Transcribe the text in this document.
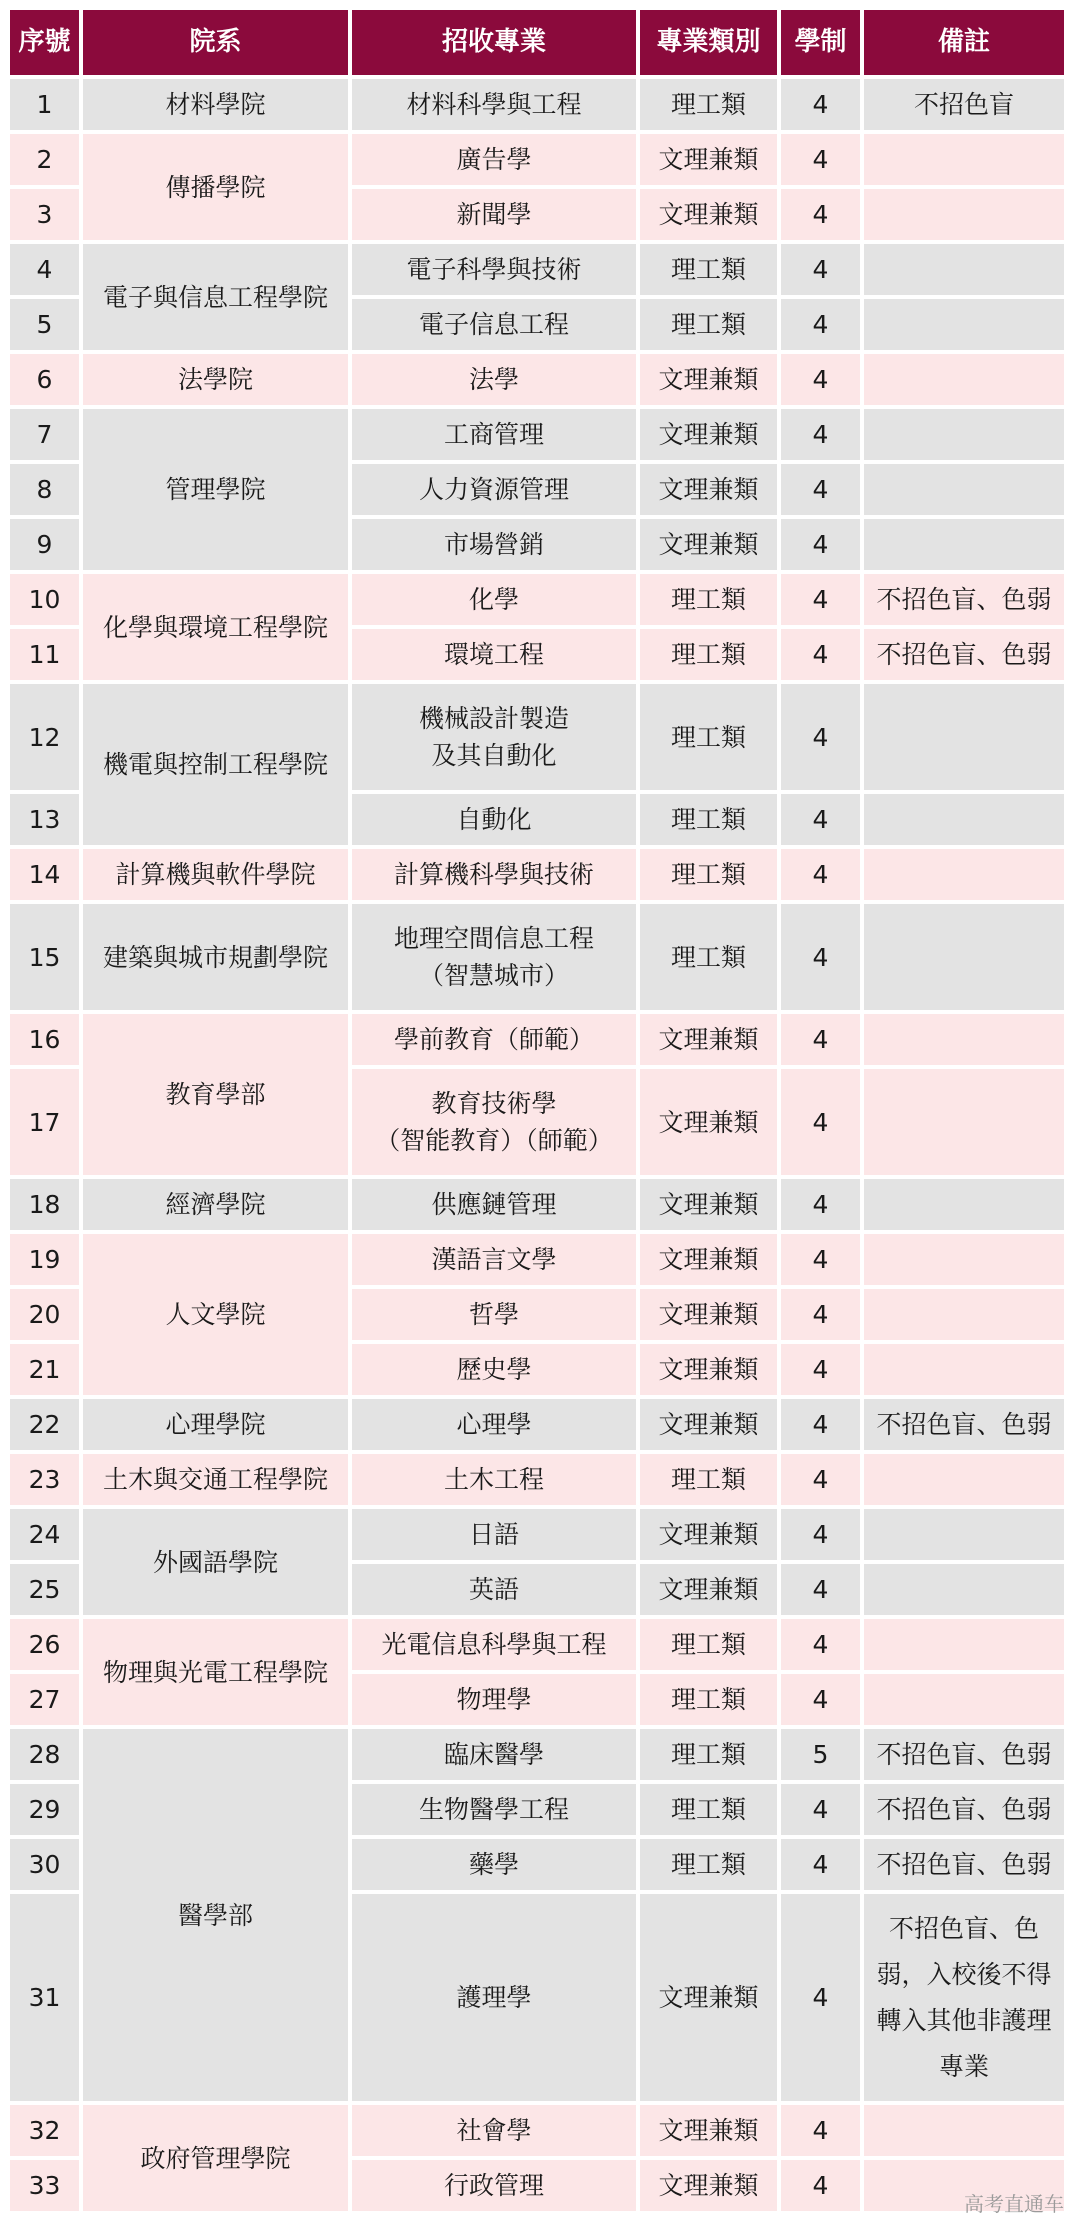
序號	院系	招收專業	專業類別	學制	備註
1	材料學院	材料科學與工程	理工類	4	不招色盲
2	傳播學院	廣告學	文理兼類	4	
3		新聞學	文理兼類	4	
4	電子與信息工程學院	電子科學與技術	理工類	4	
5		電子信息工程	理工類	4	
6	法學院	法學	文理兼類	4	
7	管理學院	工商管理	文理兼類	4	
8		人力資源管理	文理兼類	4	
9		市場營銷	文理兼類	4	
10	化學與環境工程學院	化學	理工類	4	不招色盲、色弱
11		環境工程	理工類	4	不招色盲、色弱
12	機電與控制工程學院	機械設計製造
及其自動化	理工類	4	
13		自動化	理工類	4	
14	計算機與軟件學院	計算機科學與技術	理工類	4	
15	建築與城市規劃學院	地理空間信息工程
（智慧城市）	理工類	4	
16	教育學部	學前教育（師範）	文理兼類	4	
17		教育技術學
（智能教育）（師範）	文理兼類	4	
18	經濟學院	供應鏈管理	文理兼類	4	
19	人文學院	漢語言文學	文理兼類	4	
20		哲學	文理兼類	4	
21		歷史學	文理兼類	4	
22	心理學院	心理學	文理兼類	4	不招色盲、色弱
23	土木與交通工程學院	土木工程	理工類	4	
24	外國語學院	日語	文理兼類	4	
25		英語	文理兼類	4	
26	物理與光電工程學院	光電信息科學與工程	理工類	4	
27		物理學	理工類	4	
28	醫學部	臨床醫學	理工類	5	不招色盲、色弱
29		生物醫學工程	理工類	4	不招色盲、色弱
30		藥學	理工類	4	不招色盲、色弱
31		護理學	文理兼類	4	不招色盲、色弱，入校後不得轉入其他非護理專業
32	政府管理學院	社會學	文理兼類	4	
33		行政管理	文理兼類	4	
高考直通车
